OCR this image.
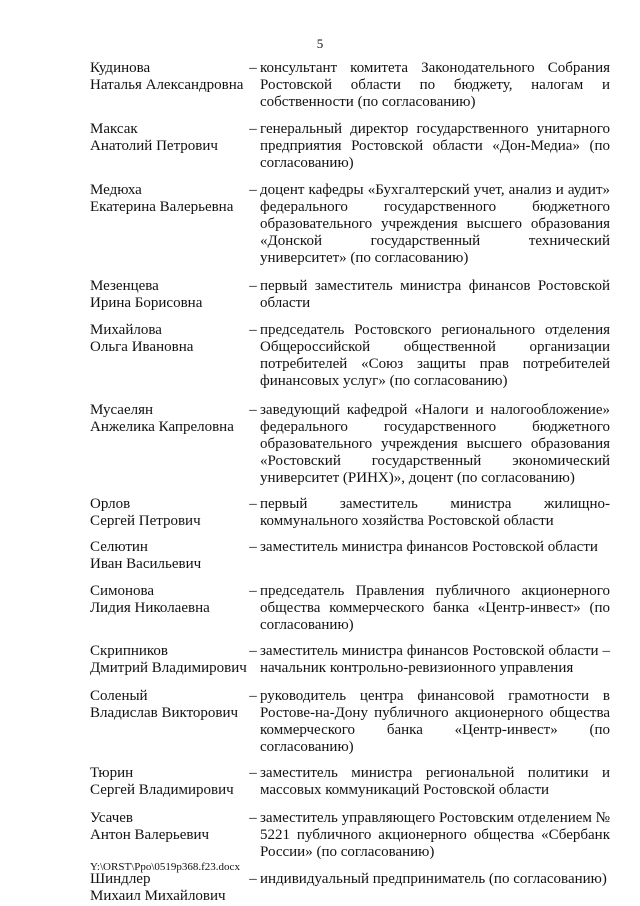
5
Кудинова
Наталья Александровна
– консультант комитета Законодательного Собрания Ростовской области по бюджету, налогам и собственности (по согласованию)
Максак
Анатолий Петрович
– генеральный директор государственного унитарного предприятия Ростовской области «Дон-Медиа» (по согласованию)
Медюха
Екатерина Валерьевна
– доцент кафедры «Бухгалтерский учет, анализ и аудит» федерального государственного бюджетного образовательного учреждения высшего образования «Донской государственный технический университет» (по согласованию)
Мезенцева
Ирина Борисовна
– первый заместитель министра финансов Ростовской области
Михайлова
Ольга Ивановна
– председатель Ростовского регионального отделения Общероссийской общественной организации потребителей «Союз защиты прав потребителей финансовых услуг» (по согласованию)
Мусаелян
Анжелика Капреловна
– заведующий кафедрой «Налоги и налогообложение» федерального государственного бюджетного образовательного учреждения высшего образования «Ростовский государственный экономический университет (РИНХ)», доцент (по согласованию)
Орлов
Сергей Петрович
– первый заместитель министра жилищно-коммунального хозяйства Ростовской области
Селютин
Иван Васильевич
– заместитель министра финансов Ростовской области
Симонова
Лидия Николаевна
– председатель Правления публичного акционерного общества коммерческого банка «Центр-инвест» (по согласованию)
Скрипников
Дмитрий Владимирович
– заместитель министра финансов Ростовской области – начальник контрольно-ревизионного управления
Соленый
Владислав Викторович
– руководитель центра финансовой грамотности в Ростове-на-Дону публичного акционерного общества коммерческого банка «Центр-инвест» (по согласованию)
Тюрин
Сергей Владимирович
– заместитель министра региональной политики и массовых коммуникаций Ростовской области
Усачев
Антон Валерьевич
– заместитель управляющего Ростовским отделением № 5221 публичного акционерного общества «Сбербанк России» (по согласованию)
Шиндлер
Михаил Михайлович
– индивидуальный предприниматель (по согласованию)
Y:\ORST\Ppo\0519p368.f23.docx
